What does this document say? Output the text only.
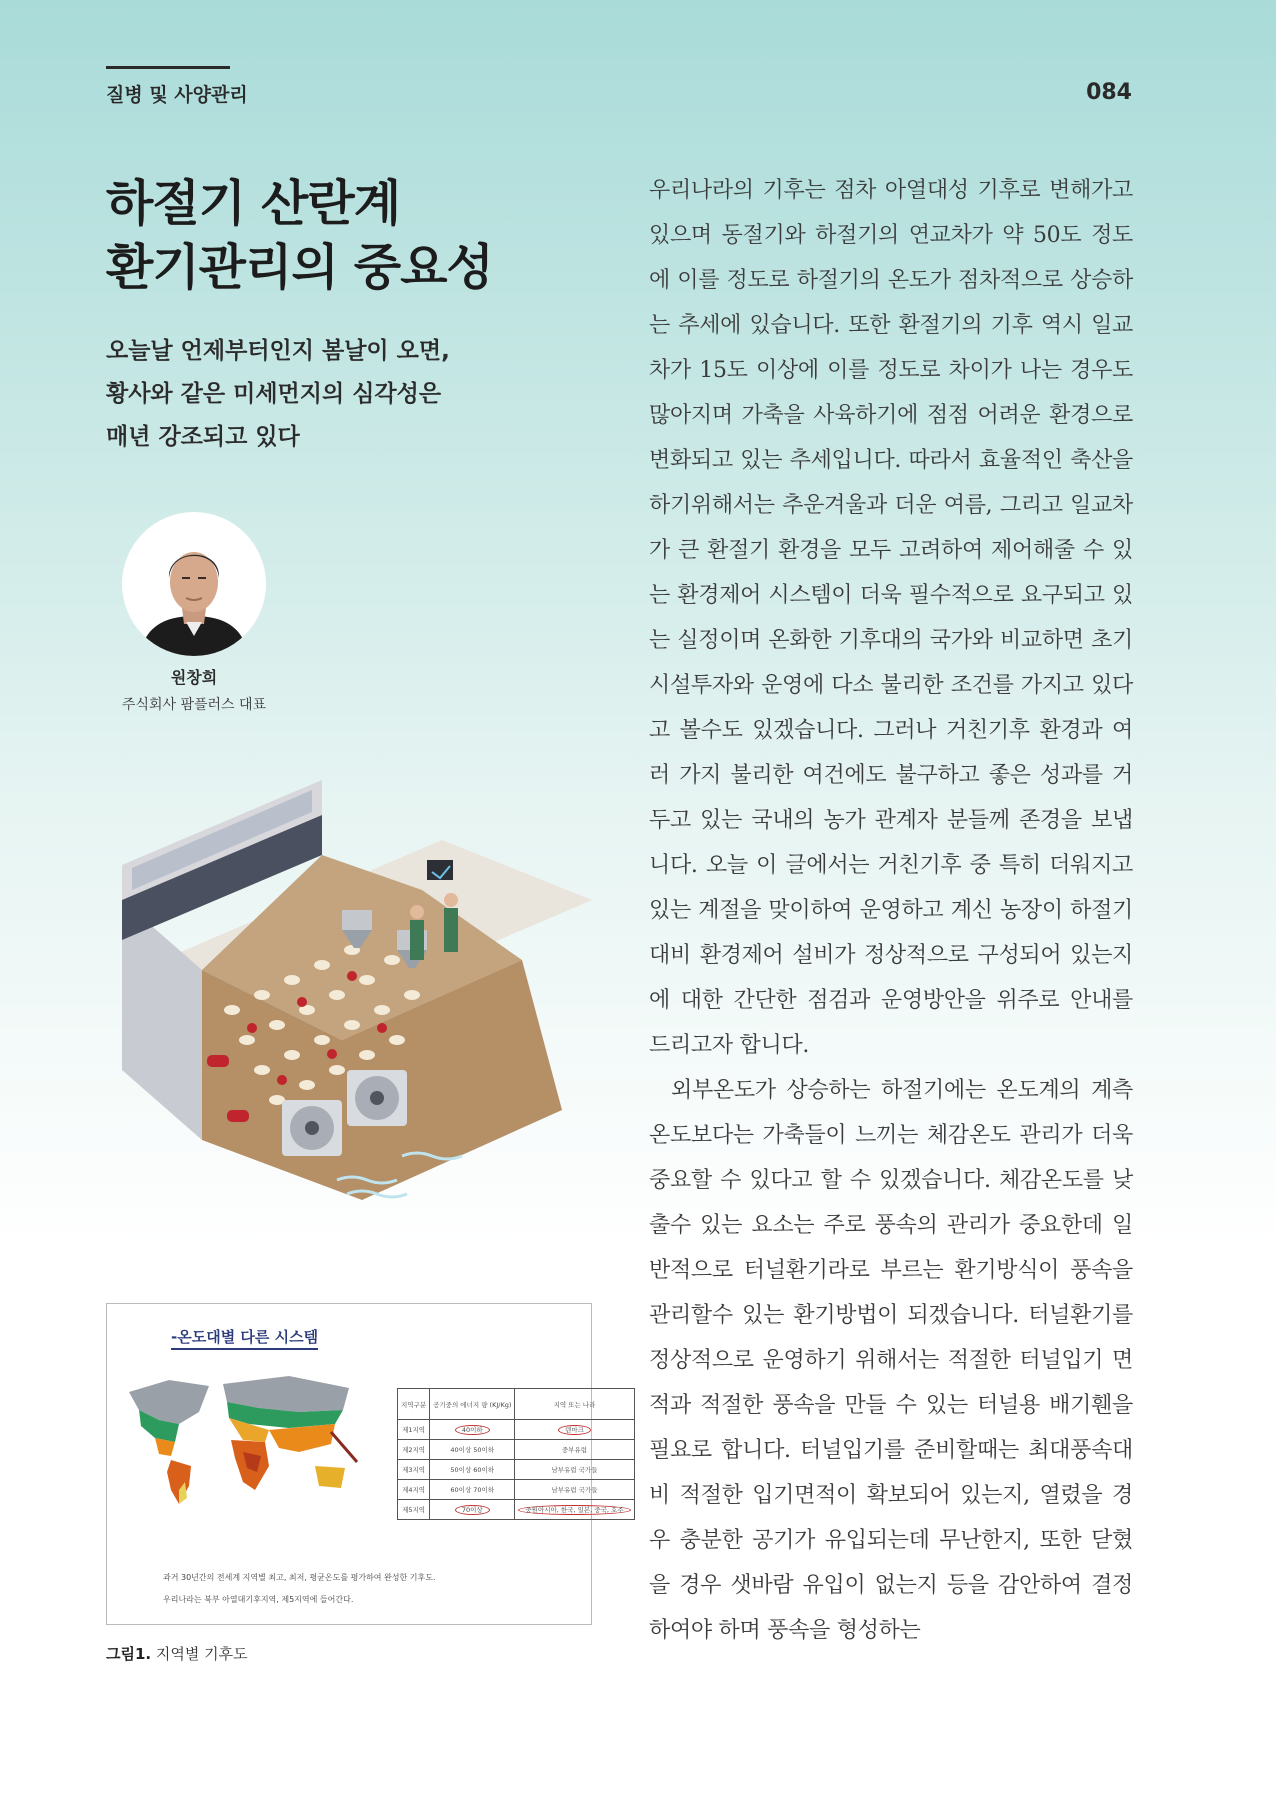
질병 및 사양관리	084
하절기 산란계
환기관리의 중요성
오늘날 언제부터인지 봄날이 오면,
황사와 같은 미세먼지의 심각성은
매년 강조되고 있다
원창희
주식회사 팜플러스 대표
-온도대별 다른 시스템
지역구분	공기중의 에너지 량 (KJ/Kg)	지역 또는 나라
제1지역	40이하	덴마크
제2지역	40이상 50이하	중부유럽
제3지역	50이상 60이하	남부유럽 국가들
제4지역	60이상 70이하	남부유럽 국가들
제5지역	70이상	중원아시아, 한국, 일본, 중국, 호주
과거 30년간의 전세계 지역별 최고, 최저, 평균온도를 평가하여 완성한 기후도.
우리나라는 북부 아열대기후지역, 제5지역에 들어간다.
그림1. 지역별 기후도

우리나라의 기후는 점차 아열대성 기후로 변해가고 있으며 동절기와 하절기의 연교차가 약 50도 정도에 이를 정도로 하절기의 온도가 점차적으로 상승하는 추세에 있습니다. 또한 환절기의 기후 역시 일교차가 15도 이상에 이를 정도로 차이가 나는 경우도 많아지며 가축을 사육하기에 점점 어려운 환경으로 변화되고 있는 추세입니다. 따라서 효율적인 축산을 하기위해서는 추운겨울과 더운 여름, 그리고 일교차가 큰 환절기 환경을 모두 고려하여 제어해줄 수 있는 환경제어 시스템이 더욱 필수적으로 요구되고 있는 실정이며 온화한 기후대의 국가와 비교하면 초기 시설투자와 운영에 다소 불리한 조건를 가지고 있다고 볼수도 있겠습니다. 그러나 거친기후 환경과 여러 가지 불리한 여건에도 불구하고 좋은 성과를 거두고 있는 국내의 농가 관계자 분들께 존경을 보냅니다. 오늘 이 글에서는 거친기후 중 특히 더워지고 있는 계절을 맞이하여 운영하고 계신 농장이 하절기대비 환경제어 설비가 정상적으로 구성되어 있는지에 대한 간단한 점검과 운영방안을 위주로 안내를 드리고자 합니다.

외부온도가 상승하는 하절기에는 온도계의 계측온도보다는 가축들이 느끼는 체감온도 관리가 더욱 중요할 수 있다고 할 수 있겠습니다. 체감온도를 낮출수 있는 요소는 주로 풍속의 관리가 중요한데 일반적으로 터널환기라로 부르는 환기방식이 풍속을 관리할수 있는 환기방법이 되겠습니다. 터널환기를 정상적으로 운영하기 위해서는 적절한 터널입기 면적과 적절한 풍속을 만들 수 있는 터널용 배기휀을 필요로 합니다. 터널입기를 준비할때는 최대풍속대비 적절한 입기면적이 확보되어 있는지, 열렸을 경우 충분한 공기가 유입되는데 무난한지, 또한 닫혔을 경우 샛바람 유입이 없는지 등을 감안하여 결정하여야 하며 풍속을 형성하는
